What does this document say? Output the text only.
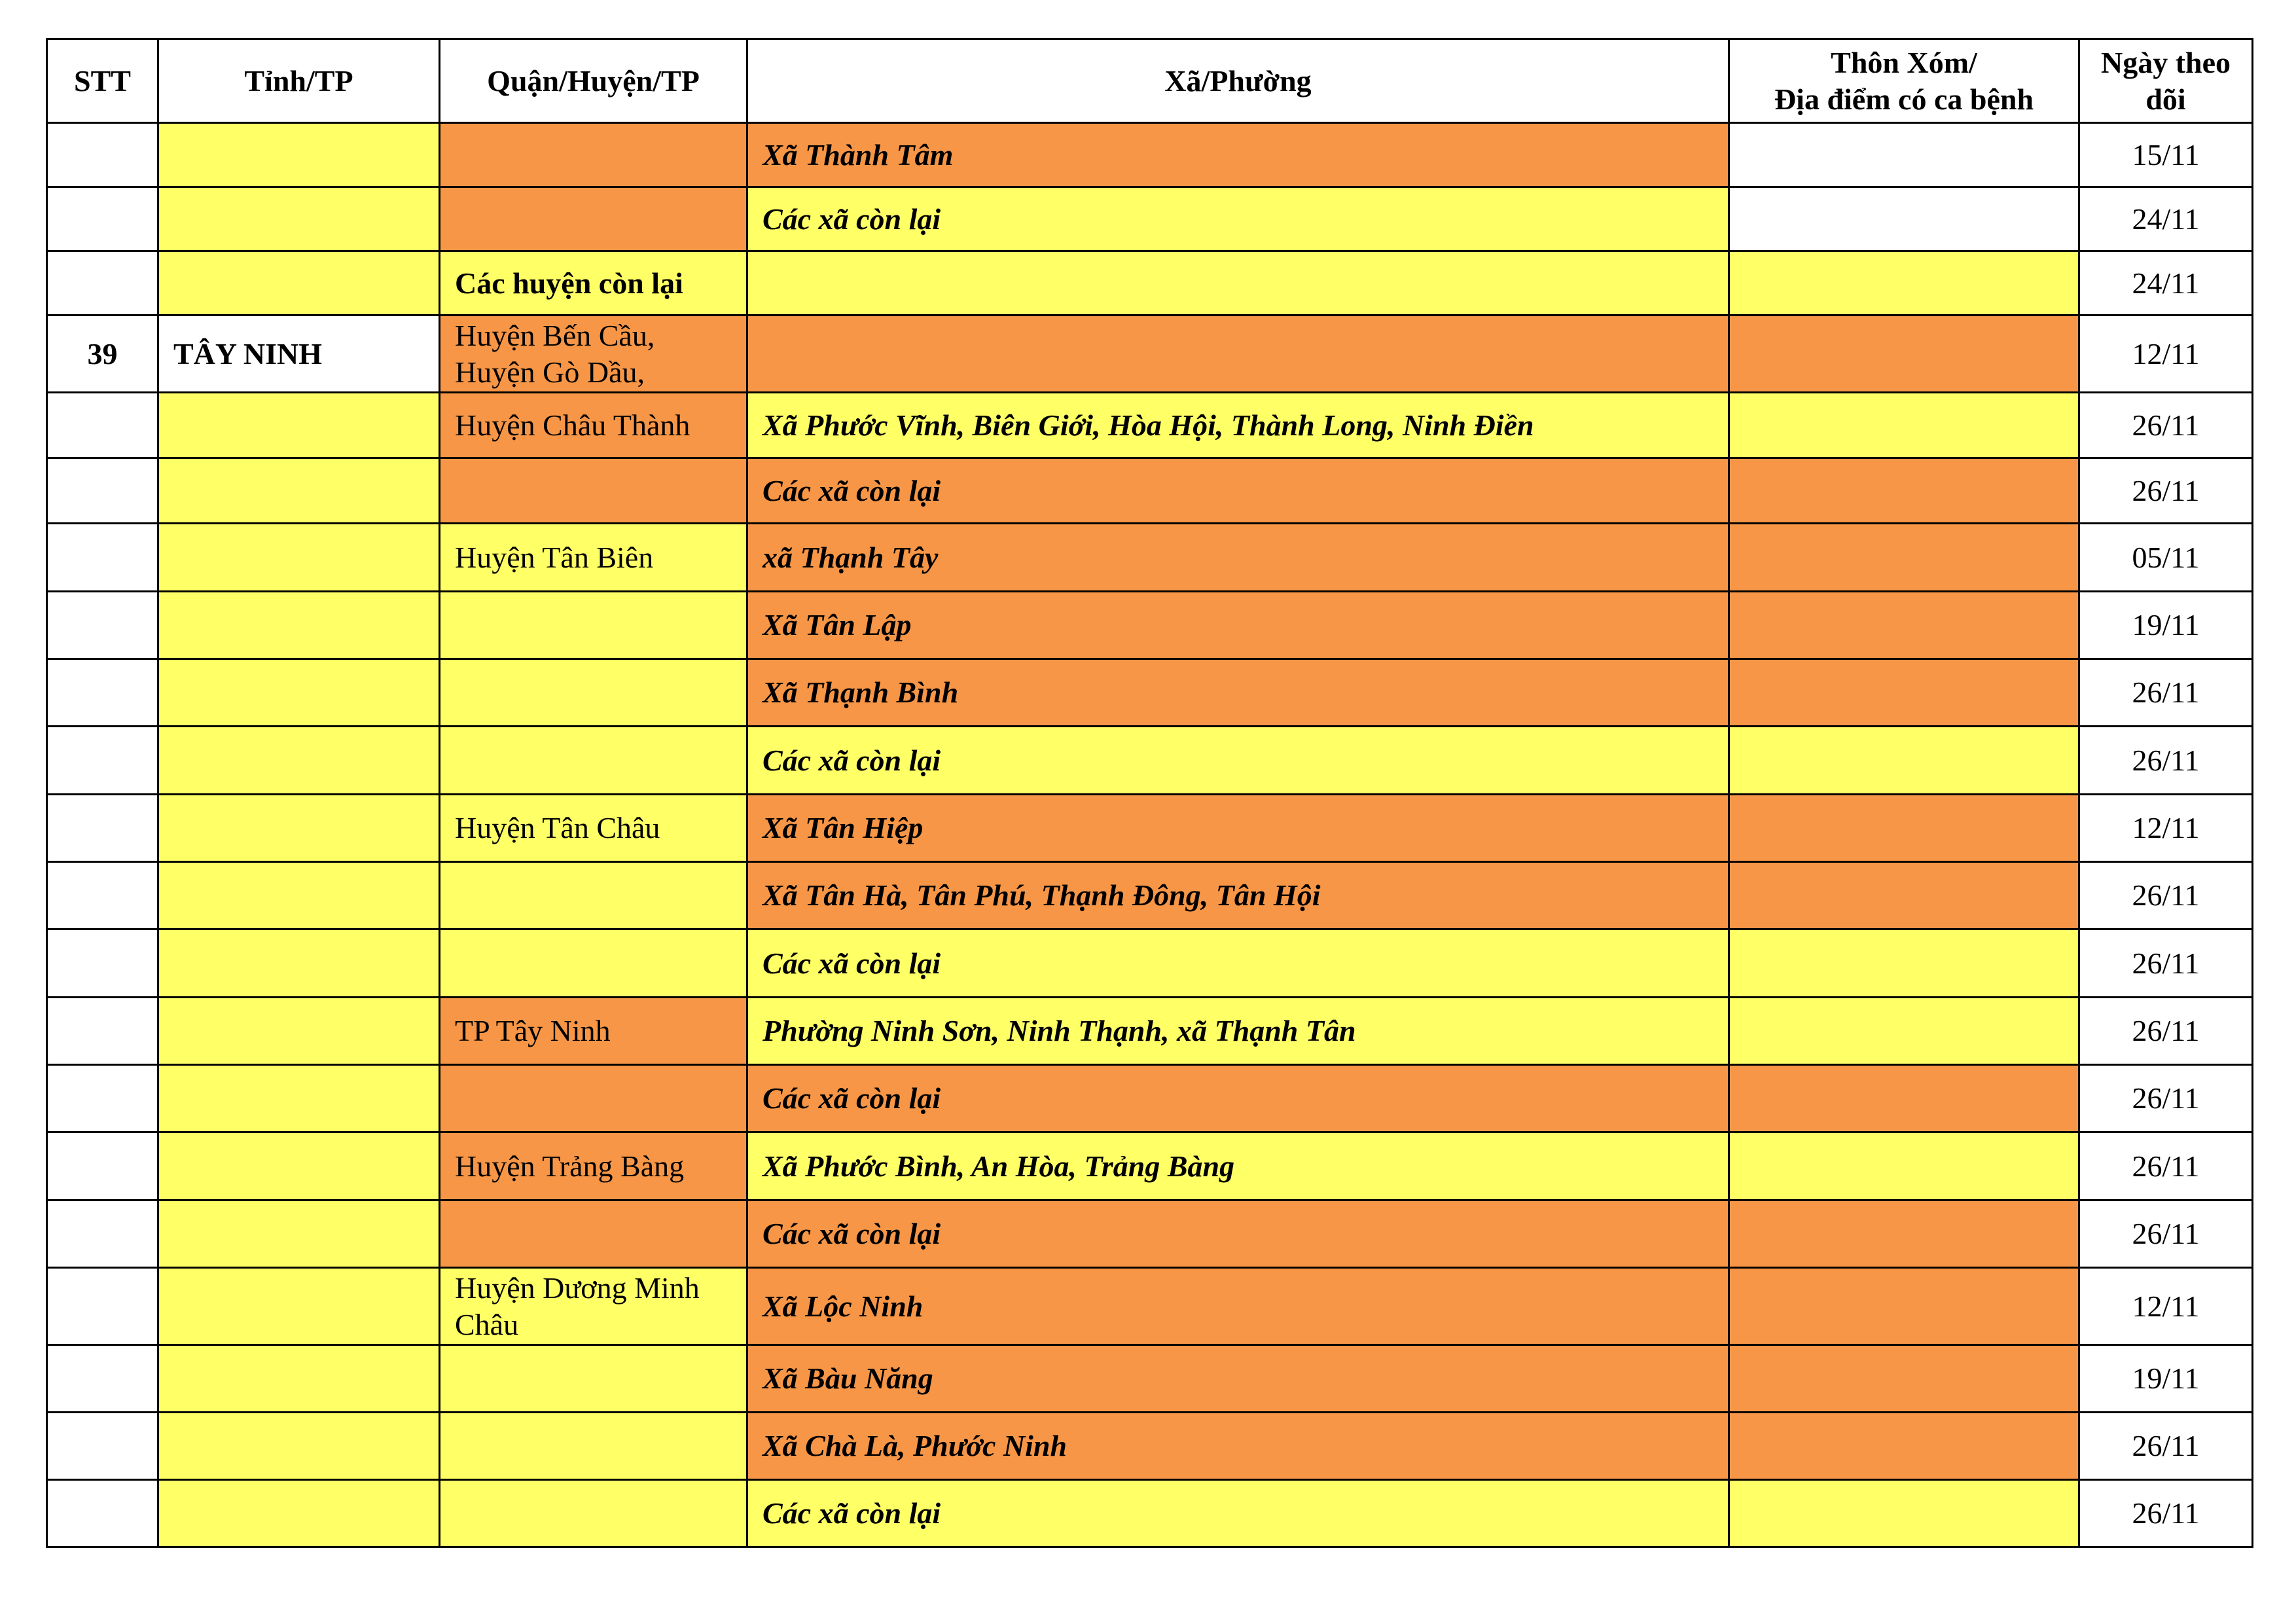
STT	Tỉnh/TP	Quận/Huyện/TP	Xã/Phường	Thôn Xóm/
Địa điểm có ca bệnh	Ngày theo
dõi
			Xã Thành Tâm		15/11
			Các xã còn lại		24/11
		Các huyện còn lại			24/11
39	TÂY NINH	Huyện Bến Cầu,
Huyện Gò Dầu,			12/11
		Huyện Châu Thành	Xã Phước Vĩnh, Biên Giới, Hòa Hội, Thành Long, Ninh Điền		26/11
			Các xã còn lại		26/11
		Huyện Tân Biên	xã Thạnh Tây		05/11
			Xã Tân Lập		19/11
			Xã Thạnh Bình		26/11
			Các xã còn lại		26/11
		Huyện Tân Châu	Xã Tân Hiệp		12/11
			Xã Tân Hà, Tân Phú, Thạnh Đông, Tân Hội		26/11
			Các xã còn lại		26/11
		TP Tây Ninh	Phường Ninh Sơn, Ninh Thạnh, xã Thạnh Tân		26/11
			Các xã còn lại		26/11
		Huyện Trảng Bàng	Xã Phước Bình, An Hòa, Trảng Bàng		26/11
			Các xã còn lại		26/11
		Huyện Dương Minh
Châu	Xã Lộc Ninh		12/11
			Xã Bàu Năng		19/11
			Xã Chà Là, Phước Ninh		26/11
			Các xã còn lại		26/11
